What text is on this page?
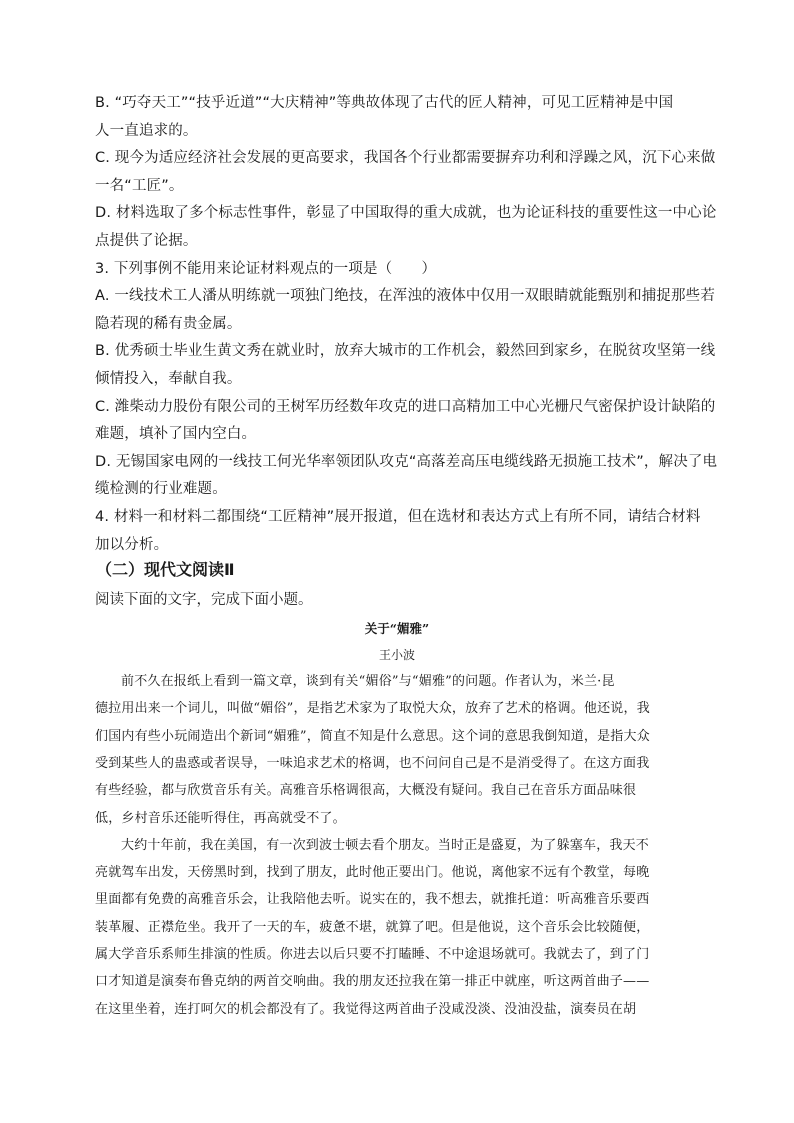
B. “巧夺天工”“技乎近道”“大庆精神”等典故体现了古代的匠人精神，可见工匠精神是中国
人一直追求的。
C. 现今为适应经济社会发展的更高要求，我国各个行业都需要摒弃功利和浮躁之风，沉下心来做
一名“工匠”。
D. 材料选取了多个标志性事件，彰显了中国取得的重大成就，也为论证科技的重要性这一中心论
点提供了论据。
3. 下列事例不能用来论证材料观点的一项是（　　）
A. 一线技术工人潘从明练就一项独门绝技，在浑浊的液体中仅用一双眼睛就能甄别和捕捉那些若
隐若现的稀有贵金属。
B. 优秀硕士毕业生黄文秀在就业时，放弃大城市的工作机会，毅然回到家乡，在脱贫攻坚第一线
倾情投入，奉献自我。
C. 潍柴动力股份有限公司的王树军历经数年攻克的进口高精加工中心光栅尺气密保护设计缺陷的
难题，填补了国内空白。
D. 无锡国家电网的一线技工何光华率领团队攻克“高落差高压电缆线路无损施工技术”，解决了电
缆检测的行业难题。
4. 材料一和材料二都围绕“工匠精神”展开报道，但在选材和表达方式上有所不同，请结合材料
加以分析。
（二）现代文阅读Ⅱ
阅读下面的文字，完成下面小题。
关于“媚雅”
王小波
前不久在报纸上看到一篇文章，谈到有关“媚俗”与“媚雅”的问题。作者认为，米兰·昆
德拉用出来一个词儿，叫做“媚俗”，是指艺术家为了取悦大众，放弃了艺术的格调。他还说，我
们国内有些小玩闹造出个新词“媚雅”，简直不知是什么意思。这个词的意思我倒知道，是指大众
受到某些人的蛊惑或者误导，一味追求艺术的格调，也不问问自己是不是消受得了。在这方面我
有些经验，都与欣赏音乐有关。高雅音乐格调很高，大概没有疑问。我自己在音乐方面品味很
低，乡村音乐还能听得住，再高就受不了。
大约十年前，我在美国，有一次到波士顿去看个朋友。当时正是盛夏，为了躲塞车，我天不
亮就驾车出发，天傍黑时到，找到了朋友，此时他正要出门。他说，离他家不远有个教堂，每晚
里面都有免费的高雅音乐会，让我陪他去听。说实在的，我不想去，就推托道：听高雅音乐要西
装革履、正襟危坐。我开了一天的车，疲惫不堪，就算了吧。但是他说，这个音乐会比较随便，
属大学音乐系师生排演的性质。你进去以后只要不打瞌睡、不中途退场就可。我就去了，到了门
口才知道是演奏布鲁克纳的两首交响曲。我的朋友还拉我在第一排正中就座，听这两首曲子——
在这里坐着，连打呵欠的机会都没有了。我觉得这两首曲子没咸没淡、没油没盐，演奏员在胡
